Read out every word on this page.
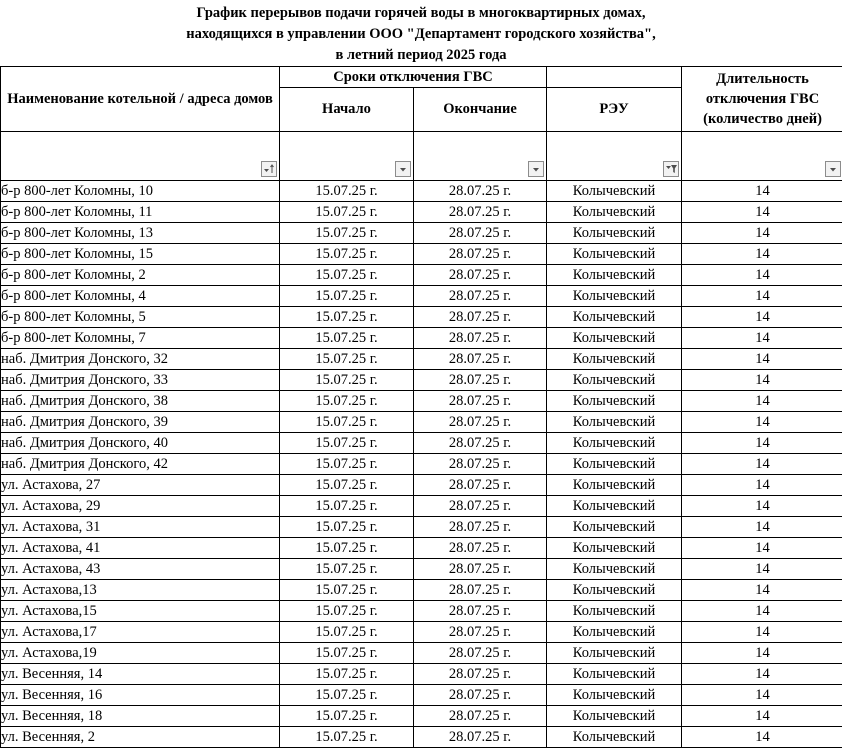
График перерывов подачи горячей воды в многоквартирных домах,
находящихся в управлении ООО "Департамент городского хозяйства",
в летний период 2025 года
Наименование котельной / адреса домов	Сроки отключения ГВС			Длительность отключения ГВС (количество дней)
	Начало	Окончание	РЭУ	

б-р 800-лет Коломны, 10	15.07.25 г.	28.07.25 г.	Колычевский	14
б-р 800-лет Коломны, 11	15.07.25 г.	28.07.25 г.	Колычевский	14
б-р 800-лет Коломны, 13	15.07.25 г.	28.07.25 г.	Колычевский	14
б-р 800-лет Коломны, 15	15.07.25 г.	28.07.25 г.	Колычевский	14
б-р 800-лет Коломны, 2	15.07.25 г.	28.07.25 г.	Колычевский	14
б-р 800-лет Коломны, 4	15.07.25 г.	28.07.25 г.	Колычевский	14
б-р 800-лет Коломны, 5	15.07.25 г.	28.07.25 г.	Колычевский	14
б-р 800-лет Коломны, 7	15.07.25 г.	28.07.25 г.	Колычевский	14
наб. Дмитрия Донского, 32	15.07.25 г.	28.07.25 г.	Колычевский	14
наб. Дмитрия Донского, 33	15.07.25 г.	28.07.25 г.	Колычевский	14
наб. Дмитрия Донского, 38	15.07.25 г.	28.07.25 г.	Колычевский	14
наб. Дмитрия Донского, 39	15.07.25 г.	28.07.25 г.	Колычевский	14
наб. Дмитрия Донского, 40	15.07.25 г.	28.07.25 г.	Колычевский	14
наб. Дмитрия Донского, 42	15.07.25 г.	28.07.25 г.	Колычевский	14
ул. Астахова, 27	15.07.25 г.	28.07.25 г.	Колычевский	14
ул. Астахова, 29	15.07.25 г.	28.07.25 г.	Колычевский	14
ул. Астахова, 31	15.07.25 г.	28.07.25 г.	Колычевский	14
ул. Астахова, 41	15.07.25 г.	28.07.25 г.	Колычевский	14
ул. Астахова, 43	15.07.25 г.	28.07.25 г.	Колычевский	14
ул. Астахова,13	15.07.25 г.	28.07.25 г.	Колычевский	14
ул. Астахова,15	15.07.25 г.	28.07.25 г.	Колычевский	14
ул. Астахова,17	15.07.25 г.	28.07.25 г.	Колычевский	14
ул. Астахова,19	15.07.25 г.	28.07.25 г.	Колычевский	14
ул. Весенняя, 14	15.07.25 г.	28.07.25 г.	Колычевский	14
ул. Весенняя, 16	15.07.25 г.	28.07.25 г.	Колычевский	14
ул. Весенняя, 18	15.07.25 г.	28.07.25 г.	Колычевский	14
ул. Весенняя, 2	15.07.25 г.	28.07.25 г.	Колычевский	14
